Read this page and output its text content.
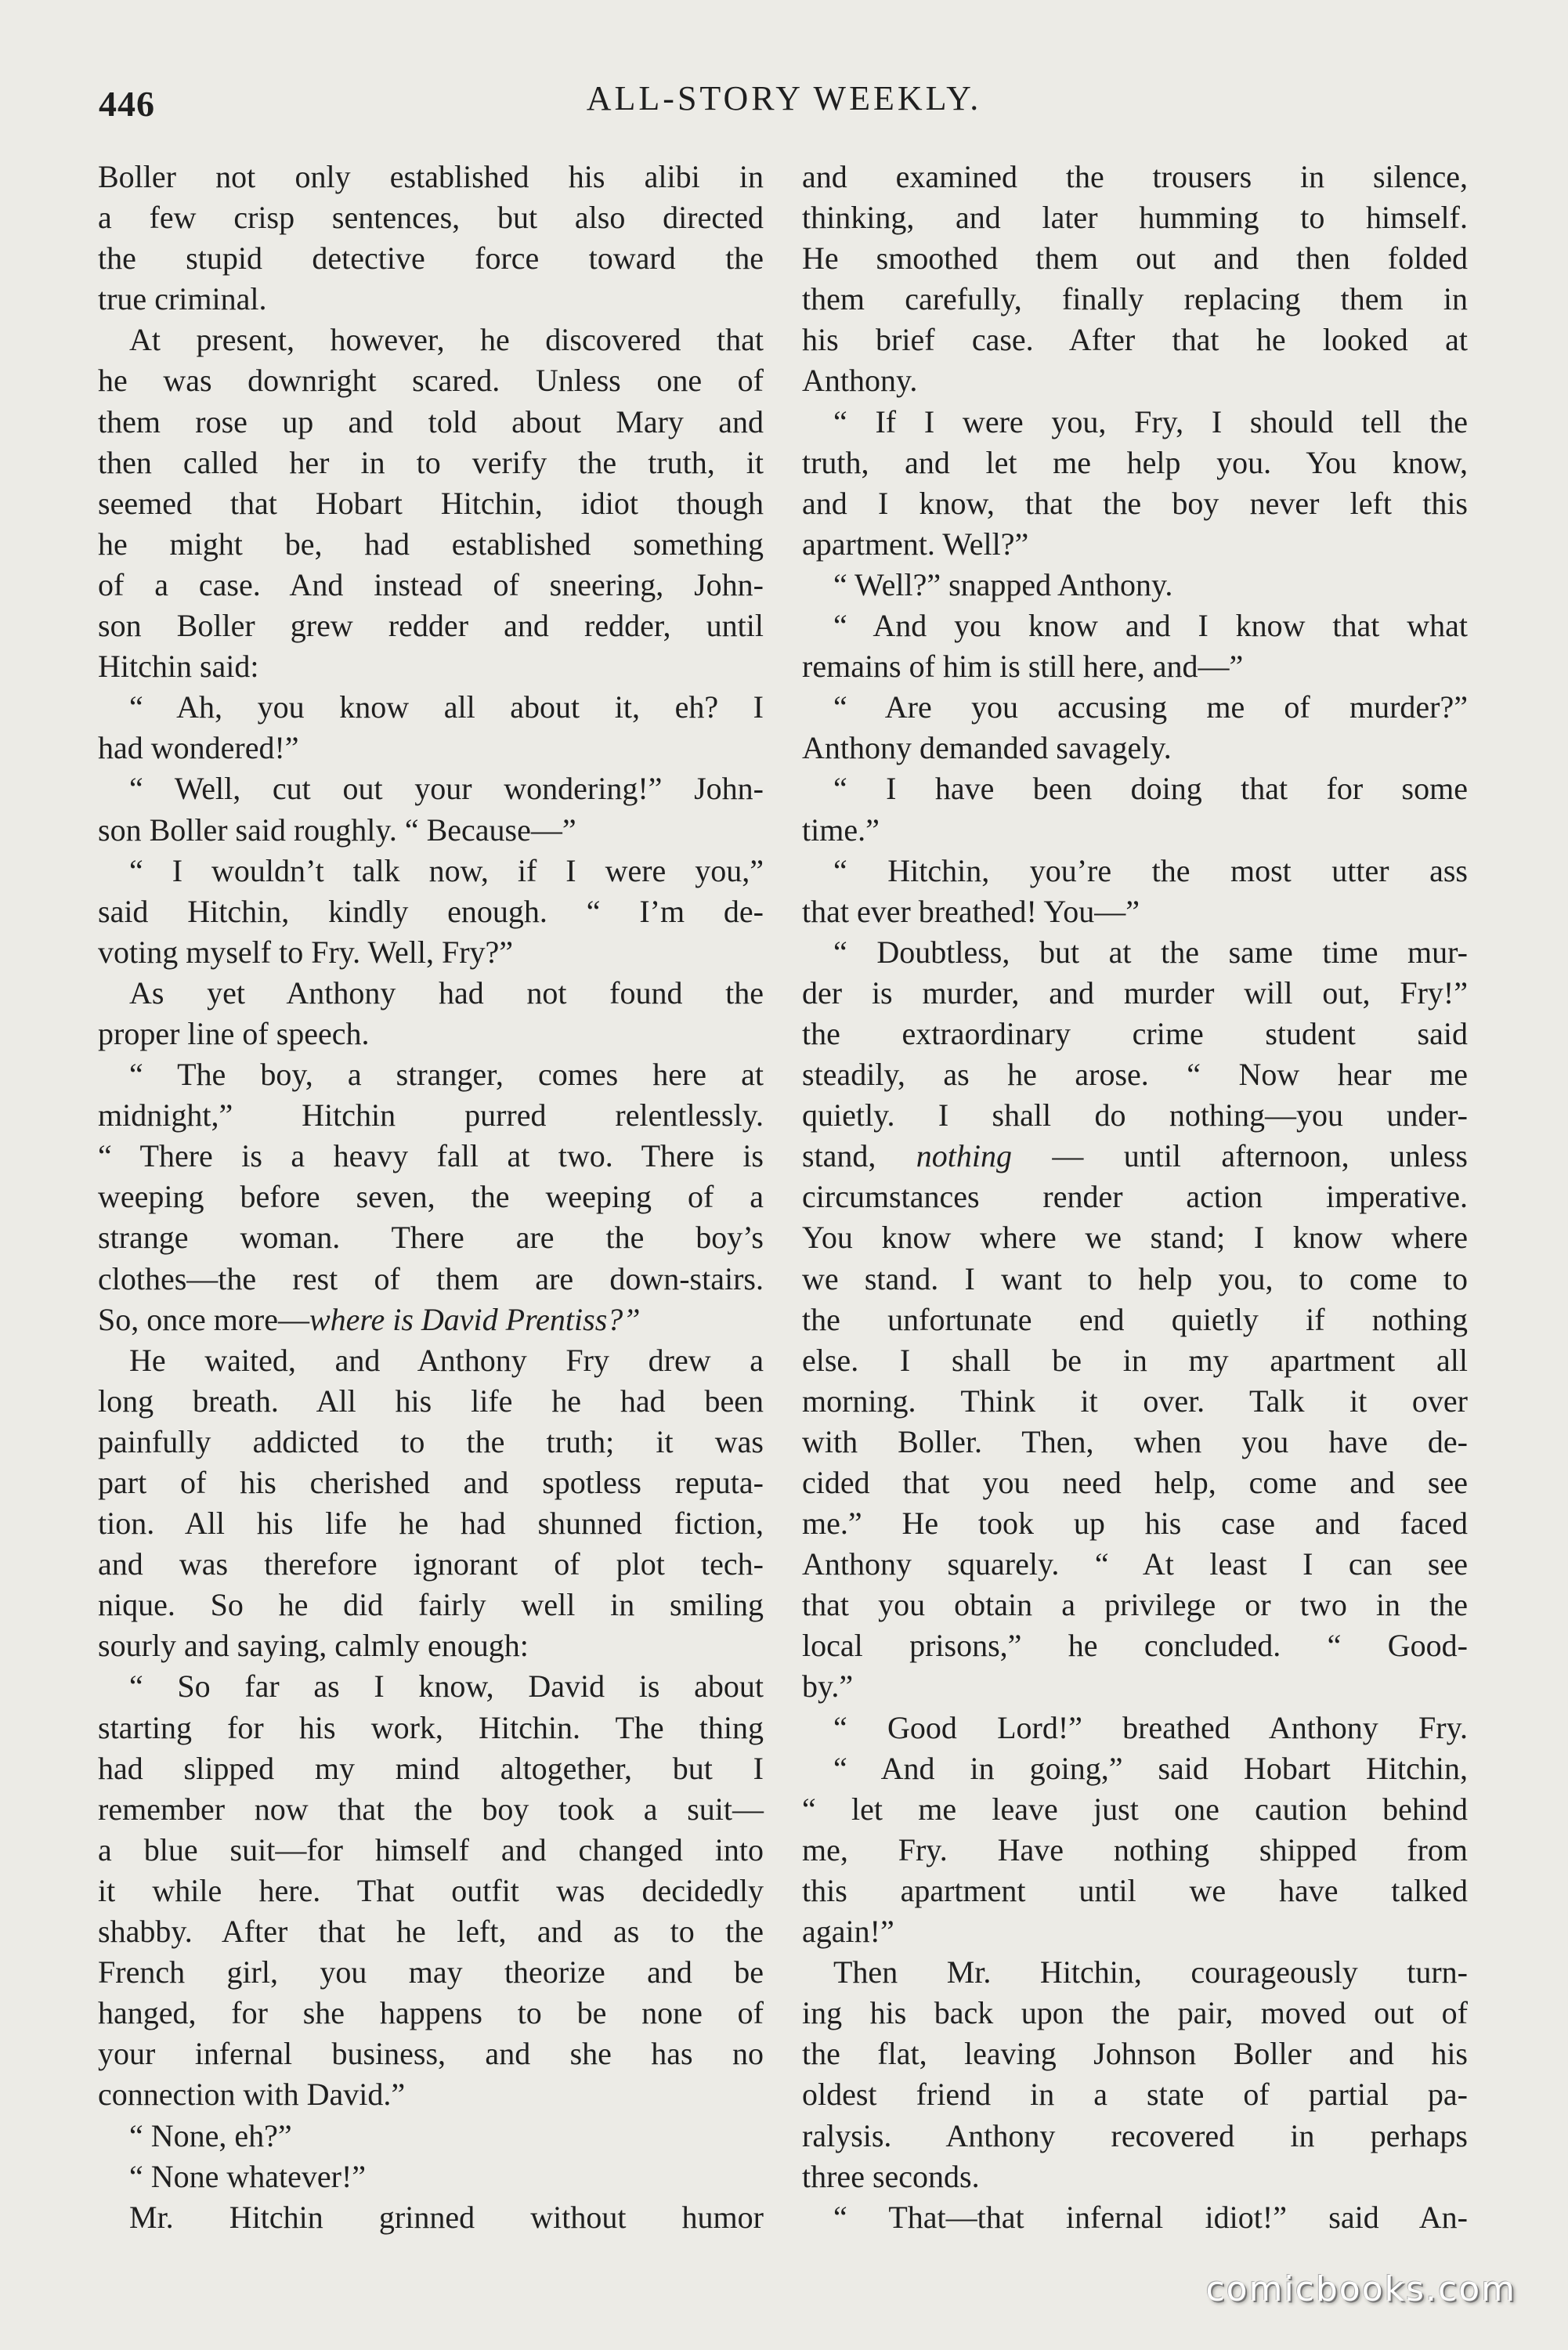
446	ALL-STORY WEEKLY.
Boller not only established his alibi in
a few crisp sentences, but also directed
the stupid detective force toward the
true criminal.
At present, however, he discovered that
he was downright scared. Unless one of
them rose up and told about Mary and
then called her in to verify the truth, it
seemed that Hobart Hitchin, idiot though
he might be, had established something
of a case. And instead of sneering, John-
son Boller grew redder and redder, until
Hitchin said:
“ Ah, you know all about it, eh? I
had wondered!”
“ Well, cut out your wondering!” John-
son Boller said roughly. “ Because—”
“ I wouldn’t talk now, if I were you,”
said Hitchin, kindly enough. “ I’m de-
voting myself to Fry. Well, Fry?”
As yet Anthony had not found the
proper line of speech.
“ The boy, a stranger, comes here at
midnight,” Hitchin purred relentlessly.
“ There is a heavy fall at two. There is
weeping before seven, the weeping of a
strange woman. There are the boy’s
clothes—the rest of them are down-stairs.
So, once more—where is David Prentiss?”
He waited, and Anthony Fry drew a
long breath. All his life he had been
painfully addicted to the truth; it was
part of his cherished and spotless reputa-
tion. All his life he had shunned fiction,
and was therefore ignorant of plot tech-
nique. So he did fairly well in smiling
sourly and saying, calmly enough:
“ So far as I know, David is about
starting for his work, Hitchin. The thing
had slipped my mind altogether, but I
remember now that the boy took a suit—
a blue suit—for himself and changed into
it while here. That outfit was decidedly
shabby. After that he left, and as to the
French girl, you may theorize and be
hanged, for she happens to be none of
your infernal business, and she has no
connection with David.”
“ None, eh?”
“ None whatever!”
Mr. Hitchin grinned without humor
and examined the trousers in silence,
thinking, and later humming to himself.
He smoothed them out and then folded
them carefully, finally replacing them in
his brief case. After that he looked at
Anthony.
“ If I were you, Fry, I should tell the
truth, and let me help you. You know,
and I know, that the boy never left this
apartment. Well?”
“ Well?” snapped Anthony.
“ And you know and I know that what
remains of him is still here, and—”
“ Are you accusing me of murder?”
Anthony demanded savagely.
“ I have been doing that for some
time.”
“ Hitchin, you’re the most utter ass
that ever breathed! You—”
“ Doubtless, but at the same time mur-
der is murder, and murder will out, Fry!”
the extraordinary crime student said
steadily, as he arose. “ Now hear me
quietly. I shall do nothing—you under-
stand, nothing — until afternoon, unless
circumstances render action imperative.
You know where we stand; I know where
we stand. I want to help you, to come to
the unfortunate end quietly if nothing
else. I shall be in my apartment all
morning. Think it over. Talk it over
with Boller. Then, when you have de-
cided that you need help, come and see
me.” He took up his case and faced
Anthony squarely. “ At least I can see
that you obtain a privilege or two in the
local prisons,” he concluded. “ Good-
by.”
“ Good Lord!” breathed Anthony Fry.
“ And in going,” said Hobart Hitchin,
“ let me leave just one caution behind
me, Fry. Have nothing shipped from
this apartment until we have talked
again!”
Then Mr. Hitchin, courageously turn-
ing his back upon the pair, moved out of
the flat, leaving Johnson Boller and his
oldest friend in a state of partial pa-
ralysis. Anthony recovered in perhaps
three seconds.
“ That—that infernal idiot!” said An-
comicbooks.com
